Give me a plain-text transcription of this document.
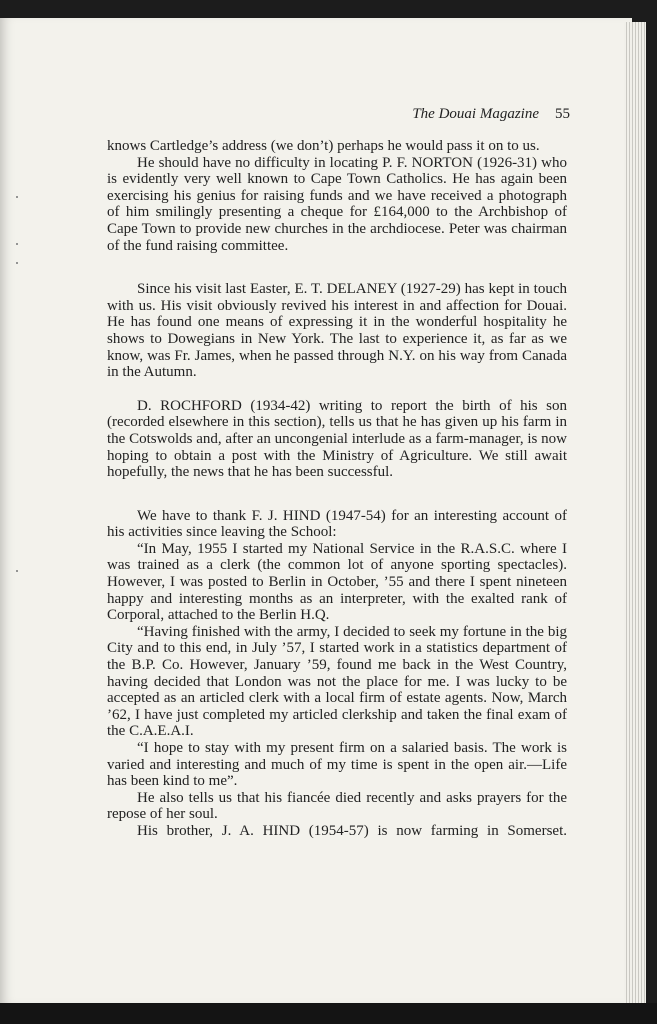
The Douai Magazine 55

knows Cartledge’s address (we don’t) perhaps he would pass it on to us.

He should have no difficulty in locating P. F. NORTON (1926-31) who is evidently very well known to Cape Town Catholics. He has again been exercising his genius for raising funds and we have received a photograph of him smilingly presenting a cheque for £164,000 to the Archbishop of Cape Town to provide new churches in the archdiocese. Peter was chairman of the fund raising committee.

Since his visit last Easter, E. T. DELANEY (1927-29) has kept in touch with us. His visit obviously revived his interest in and affection for Douai. He has found one means of expressing it in the wonderful hospitality he shows to Dowegians in New York. The last to experience it, as far as we know, was Fr. James, when he passed through N.Y. on his way from Canada in the Autumn.

D. ROCHFORD (1934-42) writing to report the birth of his son (recorded elsewhere in this section), tells us that he has given up his farm in the Cotswolds and, after an uncongenial interlude as a farm-manager, is now hoping to obtain a post with the Ministry of Agriculture. We still await hopefully, the news that he has been successful.

We have to thank F. J. HIND (1947-54) for an interesting account of his activities since leaving the School:

“In May, 1955 I started my National Service in the R.A.S.C. where I was trained as a clerk (the common lot of anyone sporting spectacles). However, I was posted to Berlin in October, ’55 and there I spent nineteen happy and interesting months as an interpreter, with the exalted rank of Corporal, attached to the Berlin H.Q.

“Having finished with the army, I decided to seek my fortune in the big City and to this end, in July ’57, I started work in a statistics department of the B.P. Co. However, January ’59, found me back in the West Country, having decided that London was not the place for me. I was lucky to be accepted as an articled clerk with a local firm of estate agents. Now, March ’62, I have just completed my articled clerkship and taken the final exam of the C.A.E.A.I.

“I hope to stay with my present firm on a salaried basis. The work is varied and interesting and much of my time is spent in the open air.—Life has been kind to me”.

He also tells us that his fiancée died recently and asks prayers for the repose of her soul.

His brother, J. A. HIND (1954-57) is now farming in Somerset.
